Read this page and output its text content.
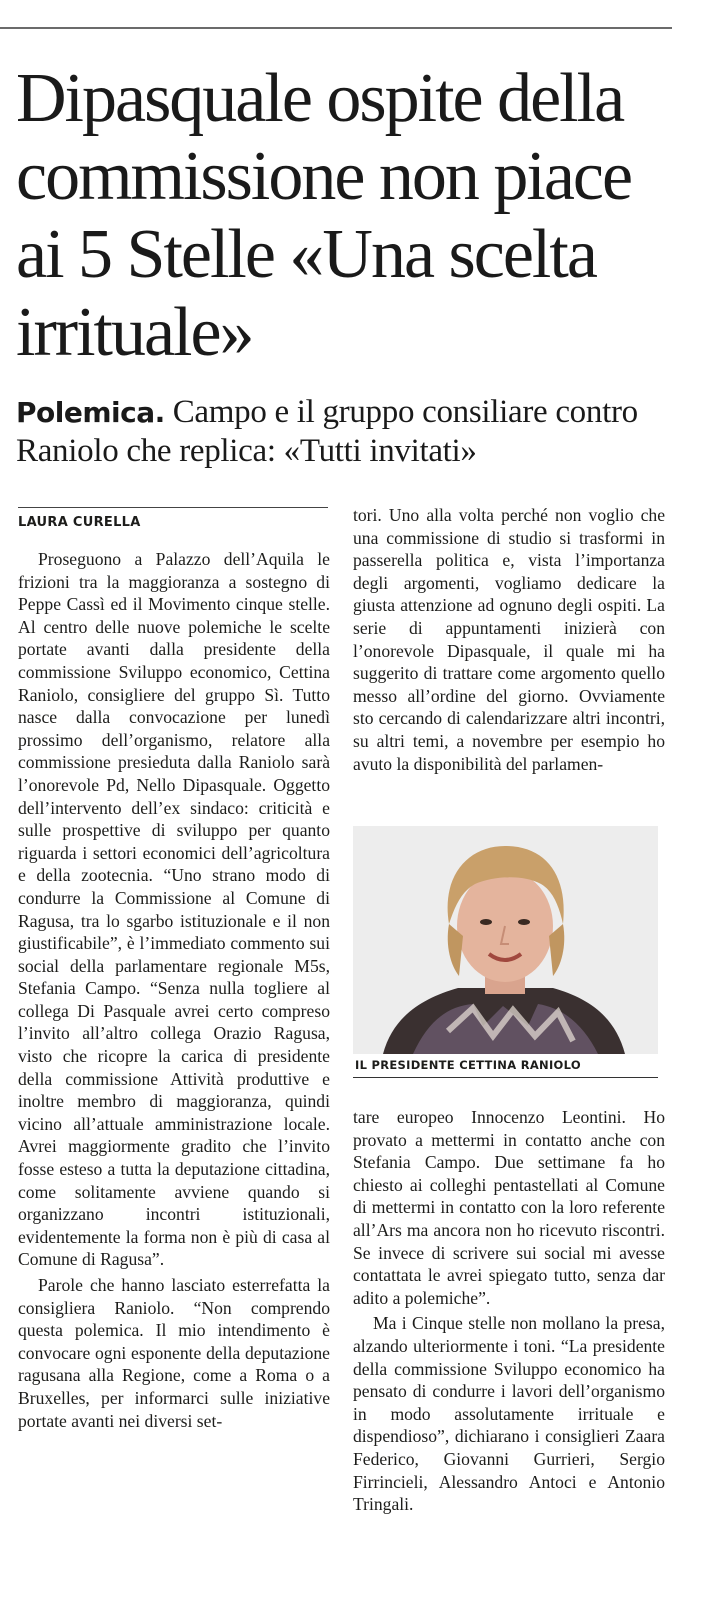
Dipasquale ospite della commissione non piace ai 5 Stelle «Una scelta irrituale»
Polemica. Campo e il gruppo consiliare contro Raniolo che replica: «Tutti invitati»
LAURA CURELLA

Proseguono a Palazzo dell’Aquila le frizioni tra la maggioranza a sostegno di Peppe Cassì ed il Movimento cinque stelle. Al centro delle nuove polemiche le scelte portate avanti dalla presidente della commissione Sviluppo economico, Cettina Raniolo, consigliere del gruppo Sì. Tutto nasce dalla convocazione per lunedì prossimo dell’organismo, relatore alla commissione presieduta dalla Raniolo sarà l’onorevole Pd, Nello Dipasquale. Oggetto dell’intervento dell’ex sindaco: criticità e sulle prospettive di sviluppo per quanto riguarda i settori economici dell’agricoltura e della zootecnia. “Uno strano modo di condurre la Commissione al Comune di Ragusa, tra lo sgarbo istituzionale e il non giustificabile”, è l’immediato commento sui social della parlamentare regionale M5s, Stefania Campo. “Senza nulla togliere al collega Di Pasquale avrei certo compreso l’invito all’altro collega Orazio Ragusa, visto che ricopre la carica di presidente della commissione Attività produttive e inoltre membro di maggioranza, quindi vicino all’attuale amministrazione locale. Avrei maggiormente gradito che l’invito fosse esteso a tutta la deputazione cittadina, come solitamente avviene quando si organizzano incontri istituzionali, evidentemente la forma non è più di casa al Comune di Ragusa”.

Parole che hanno lasciato esterrefatta la consigliera Raniolo. “Non comprendo questa polemica. Il mio intendimento è convocare ogni esponente della deputazione ragusana alla Regione, come a Roma o a Bruxelles, per informarci sulle iniziative portate avanti nei diversi set-

tori. Uno alla volta perché non voglio che una commissione di studio si trasformi in passerella politica e, vista l’importanza degli argomenti, vogliamo dedicare la giusta attenzione ad ognuno degli ospiti. La serie di appuntamenti inizierà con l’onorevole Dipasquale, il quale mi ha suggerito di trattare come argomento quello messo all’ordine del giorno. Ovviamente sto cercando di calendarizzare altri incontri, su altri temi, a novembre per esempio ho avuto la disponibilità del parlamen-

IL PRESIDENTE CETTINA RANIOLO

tare europeo Innocenzo Leontini. Ho provato a mettermi in contatto anche con Stefania Campo. Due settimane fa ho chiesto ai colleghi pentastellati al Comune di mettermi in contatto con la loro referente all’Ars ma ancora non ho ricevuto riscontri. Se invece di scrivere sui social mi avesse contattata le avrei spiegato tutto, senza dar adito a polemiche”.

Ma i Cinque stelle non mollano la presa, alzando ulteriormente i toni. “La presidente della commissione Sviluppo economico ha pensato di condurre i lavori dell’organismo in modo assolutamente irrituale e dispendioso”, dichiarano i consiglieri Zaara Federico, Giovanni Gurrieri, Sergio Firrincieli, Alessandro Antoci e Antonio Tringali.
